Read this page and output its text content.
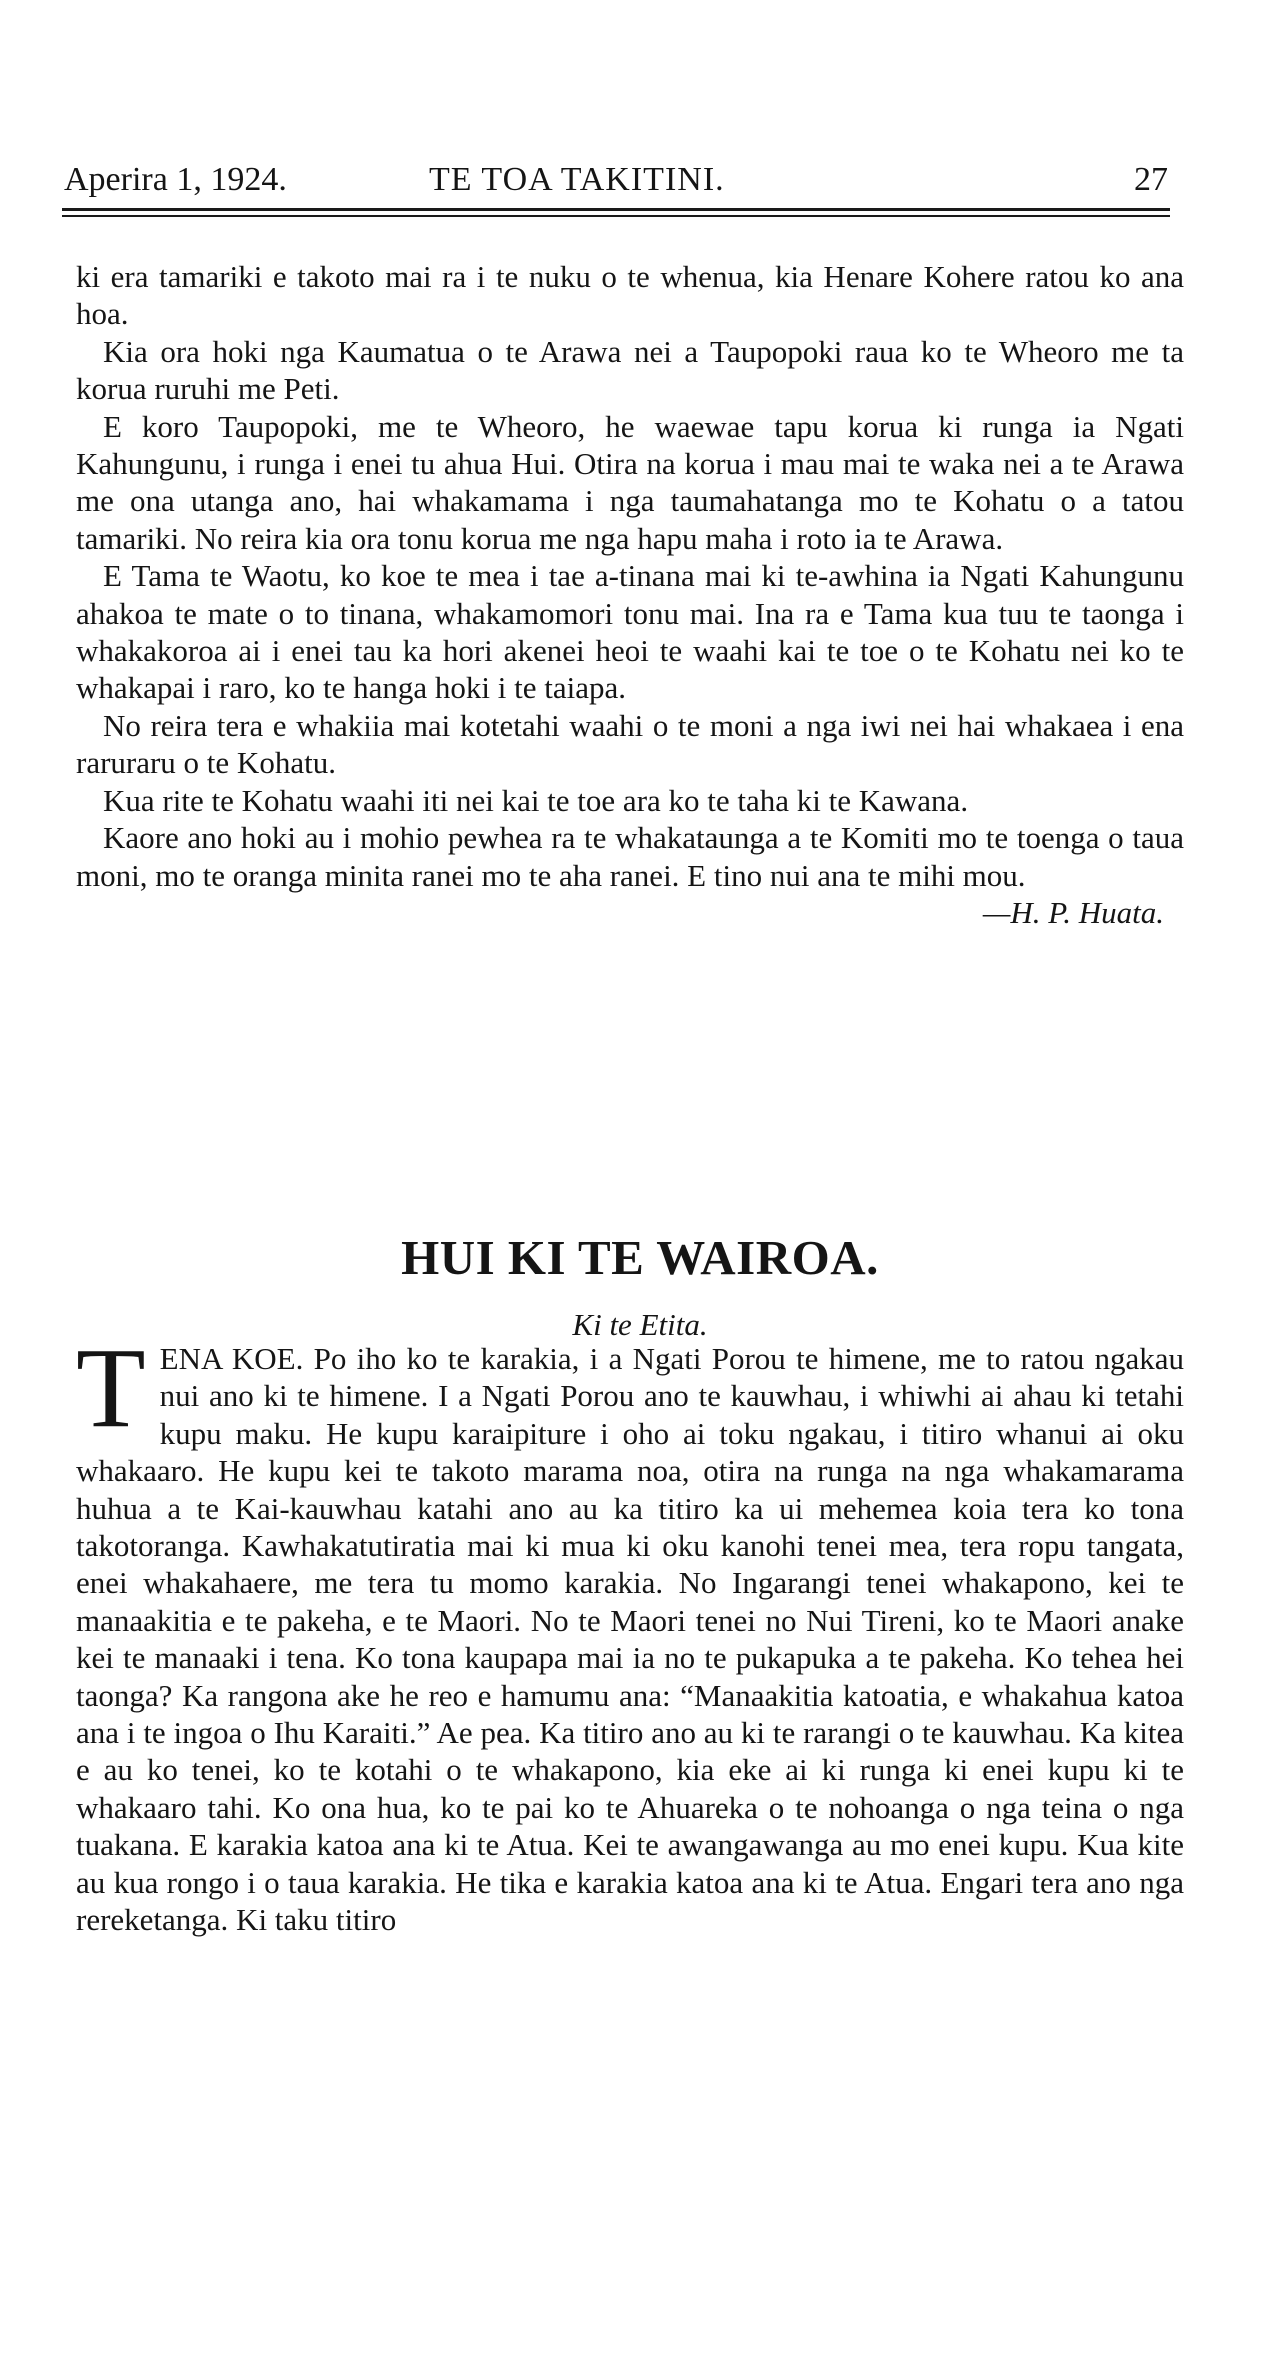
Aperira 1, 1924.	TE TOA TAKITINI.	27

ki era tamariki e takoto mai ra i te nuku o te whenua, kia Henare Kohere ratou ko ana hoa.

Kia ora hoki nga Kaumatua o te Arawa nei a Taupopoki raua ko te Wheoro me ta korua ruruhi me Peti.

E koro Taupopoki, me te Wheoro, he waewae tapu korua ki runga ia Ngati Kahungunu, i runga i enei tu ahua Hui. Otira na korua i mau mai te waka nei a te Arawa me ona utanga ano, hai whakamama i nga taumahatanga mo te Kohatu o a tatou tamariki. No reira kia ora tonu korua me nga hapu maha i roto ia te Arawa.

E Tama te Waotu, ko koe te mea i tae a-tinana mai ki te-awhina ia Ngati Kahungunu ahakoa te mate o to tinana, whakamomori tonu mai. Ina ra e Tama kua tuu te taonga i whakakoroa ai i enei tau ka hori akenei heoi te waahi kai te toe o te Kohatu nei ko te whakapai i raro, ko te hanga hoki i te taiapa.

No reira tera e whakiia mai kotetahi waahi o te moni a nga iwi nei hai whakaea i ena raruraru o te Kohatu.

Kua rite te Kohatu waahi iti nei kai te toe ara ko te taha ki te Kawana.

Kaore ano hoki au i mohio pewhea ra te whakataunga a te Komiti mo te toenga o taua moni, mo te oranga minita ranei mo te aha ranei. E tino nui ana te mihi mou.

—H. P. Huata.
HUI KI TE WAIROA.
Ki te Etita.

TENA KOE. Po iho ko te karakia, i a Ngati Porou te himene, me to ratou ngakau nui ano ki te himene. I a Ngati Porou ano te kauwhau, i whiwhi ai ahau ki tetahi kupu maku. He kupu karaipiture i oho ai toku ngakau, i titiro whanui ai oku whakaaro. He kupu kei te takoto marama noa, otira na runga na nga whakamarama huhua a te Kai-kauwhau katahi ano au ka titiro ka ui mehemea koia tera ko tona takotoranga. Kawhakatutiratia mai ki mua ki oku kanohi tenei mea, tera ropu tangata, enei whakahaere, me tera tu momo karakia. No Ingarangi tenei whakapono, kei te manaakitia e te pakeha, e te Maori. No te Maori tenei no Nui Tireni, ko te Maori anake kei te manaaki i tena. Ko tona kaupapa mai ia no te pukapuka a te pakeha. Ko tehea hei taonga? Ka rangona ake he reo e hamumu ana: “Manaakitia katoatia, e whakahua katoa ana i te ingoa o Ihu Karaiti.” Ae pea. Ka titiro ano au ki te rarangi o te kauwhau. Ka kitea e au ko tenei, ko te kotahi o te whakapono, kia eke ai ki runga ki enei kupu ki te whakaaro tahi. Ko ona hua, ko te pai ko te Ahuareka o te nohoanga o nga teina o nga tuakana. E karakia katoa ana ki te Atua. Kei te awangawanga au mo enei kupu. Kua kite au kua rongo i o taua karakia. He tika e karakia katoa ana ki te Atua. Engari tera ano nga rereketanga. Ki taku titiro
